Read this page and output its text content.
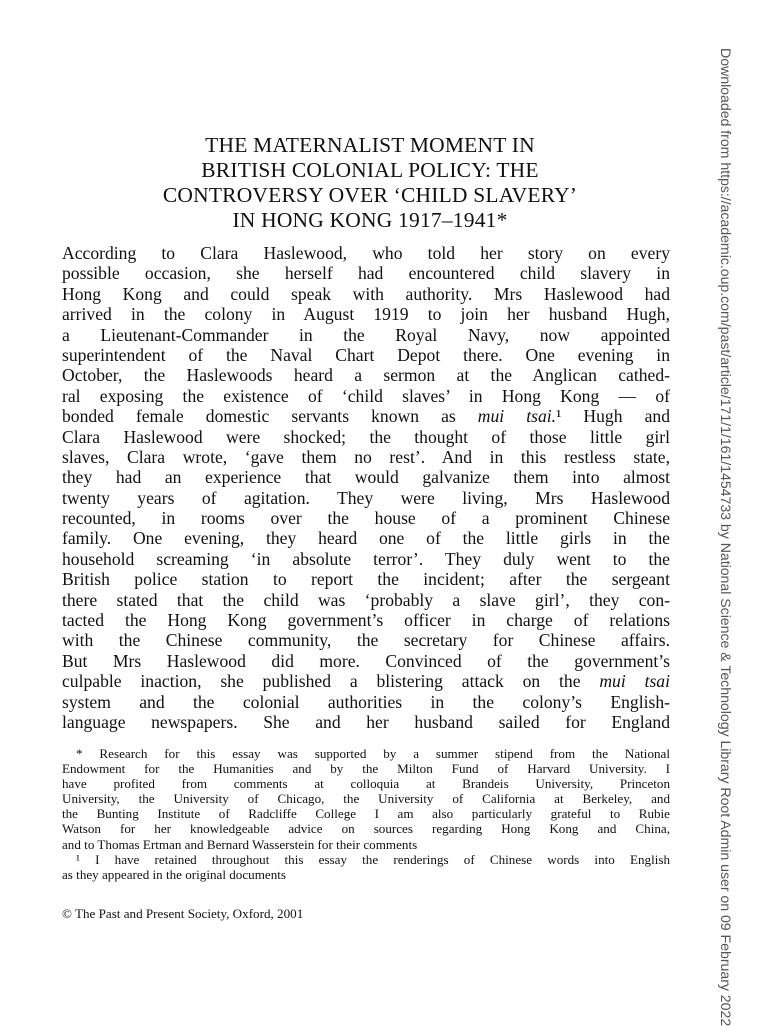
THE MATERNALIST MOMENT IN
BRITISH COLONIAL POLICY: THE
CONTROVERSY OVER ‘CHILD SLAVERY’
IN HONG KONG 1917–1941*
According to Clara Haslewood, who told her story on every
possible occasion, she herself had encountered child slavery in
Hong Kong and could speak with authority. Mrs Haslewood had
arrived in the colony in August 1919 to join her husband Hugh,
a Lieutenant-Commander in the Royal Navy, now appointed
superintendent of the Naval Chart Depot there. One evening in
October, the Haslewoods heard a sermon at the Anglican cathed-
ral exposing the existence of ‘child slaves’ in Hong Kong — of
bonded female domestic servants known as mui tsai.¹ Hugh and
Clara Haslewood were shocked; the thought of those little girl
slaves, Clara wrote, ‘gave them no rest’. And in this restless state,
they had an experience that would galvanize them into almost
twenty years of agitation. They were living, Mrs Haslewood
recounted, in rooms over the house of a prominent Chinese
family. One evening, they heard one of the little girls in the
household screaming ‘in absolute terror’. They duly went to the
British police station to report the incident; after the sergeant
there stated that the child was ‘probably a slave girl’, they con-
tacted the Hong Kong government’s officer in charge of relations
with the Chinese community, the secretary for Chinese affairs.
But Mrs Haslewood did more. Convinced of the government’s
culpable inaction, she published a blistering attack on the mui tsai
system and the colonial authorities in the colony’s English-
language newspapers. She and her husband sailed for England
* Research for this essay was supported by a summer stipend from the National
Endowment for the Humanities and by the Milton Fund of Harvard University. I
have profited from comments at colloquia at Brandeis University, Princeton
University, the University of Chicago, the University of California at Berkeley, and
the Bunting Institute of Radcliffe College I am also particularly grateful to Rubie
Watson for her knowledgeable advice on sources regarding Hong Kong and China,
and to Thomas Ertman and Bernard Wasserstein for their comments
¹ I have retained throughout this essay the renderings of Chinese words into English
as they appeared in the original documents
© The Past and Present Society, Oxford, 2001	Downloaded from https://academic.oup.com/past/article/171/1/161/1454733 by National Science & Technology Library Root Admin user on 09 February 2022
